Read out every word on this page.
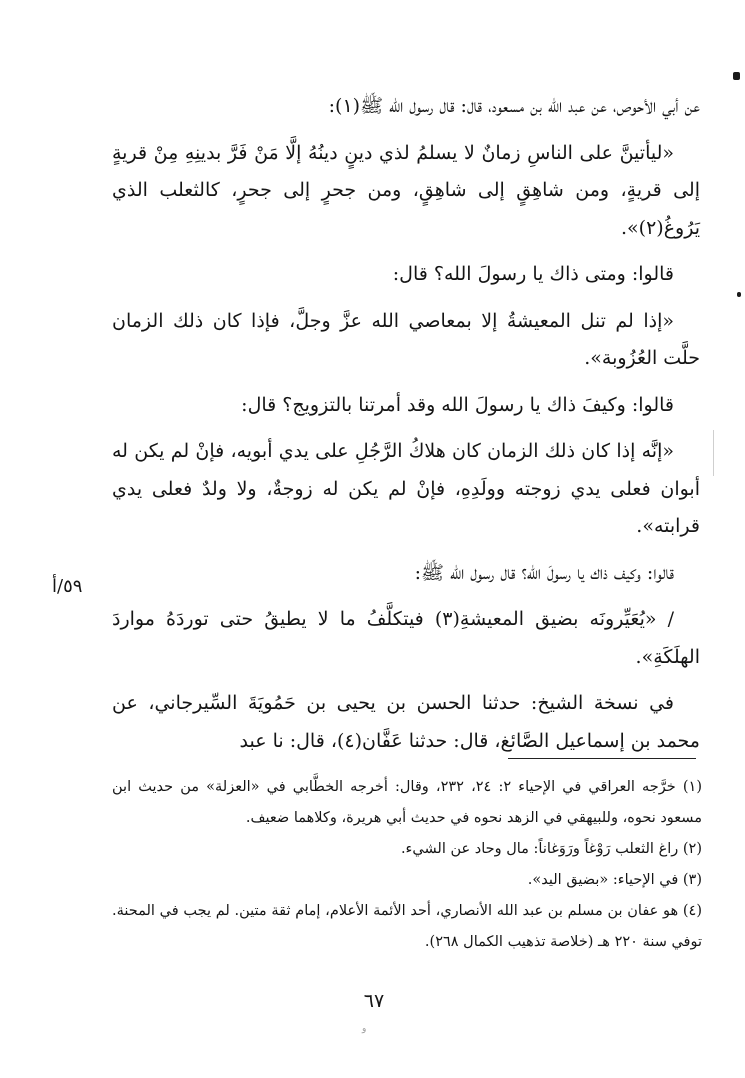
عن أبي الأحوص، عن عبد الله بن مسعود، قال: قال رسول الله ﷺ(١):

«ليأتينَّ على الناسِ زمانٌ لا يسلمُ لذي دينٍ دينُهُ إلَّا مَنْ فَرَّ بدينِهِ مِنْ قريةٍ إلى قريةٍ، ومن شاهِقٍ إلى شاهِقٍ، ومن جحرٍ إلى جحرٍ، كالثعلب الذي يَرُوغُ(٢)».

قالوا: ومتى ذاك يا رسولَ الله؟ قال:

«إذا لم تنل المعيشةُ إلا بمعاصي الله عزَّ وجلَّ، فإذا كان ذلك الزمان حلَّت العُزُوبة».

قالوا: وكيفَ ذاك يا رسولَ الله وقد أمرتنا بالتزويج؟ قال:

«إنَّه إذا كان ذلك الزمان كان هلاكُ الرَّجُلِ على يدي أبويه، فإنْ لم يكن له أبوان فعلى يدي زوجته وولَدِهِ، فإنْ لم يكن له زوجةٌ، ولا ولدٌ فعلى يدي قرابته».

قالوا: وكيف ذاك يا رسولَ الله؟ قال رسول الله ﷺ:

/ «يُعَيِّرونَه بضيق المعيشةِ(٣) فيتكلَّفُ ما لا يطيقُ حتى توردَهُ مواردَ الهلَكَةِ».

في نسخة الشيخ: حدثنا الحسن بن يحيى بن حَمُويَةَ السِّيرجاني، عن محمد بن إسماعيل الصَّائغ، قال: حدثنا عَفَّان(٤)، قال: نا عبد

٥٩/أ

(١) خرَّجه العراقي في الإحياء ٢: ٢٤، ٢٣٢، وقال: أخرجه الخطَّابي في «العزلة» من حديث ابن مسعود نحوه، وللبيهقي في الزهد نحوه في حديث أبي هريرة، وكلاهما ضعيف.

(٢) راغ الثعلب رَوْغاً ورَوَغاناً: مال وحاد عن الشيء.

(٣) في الإحياء: «بضيق اليد».

(٤) هو عفان بن مسلم بن عبد الله الأنصاري، أحد الأئمة الأعلام، إمام ثقة متين. لم يجب في المحنة. توفي سنة ٢٢٠ هـ (خلاصة تذهيب الكمال ٢٦٨).

٦٧
ﻭ
